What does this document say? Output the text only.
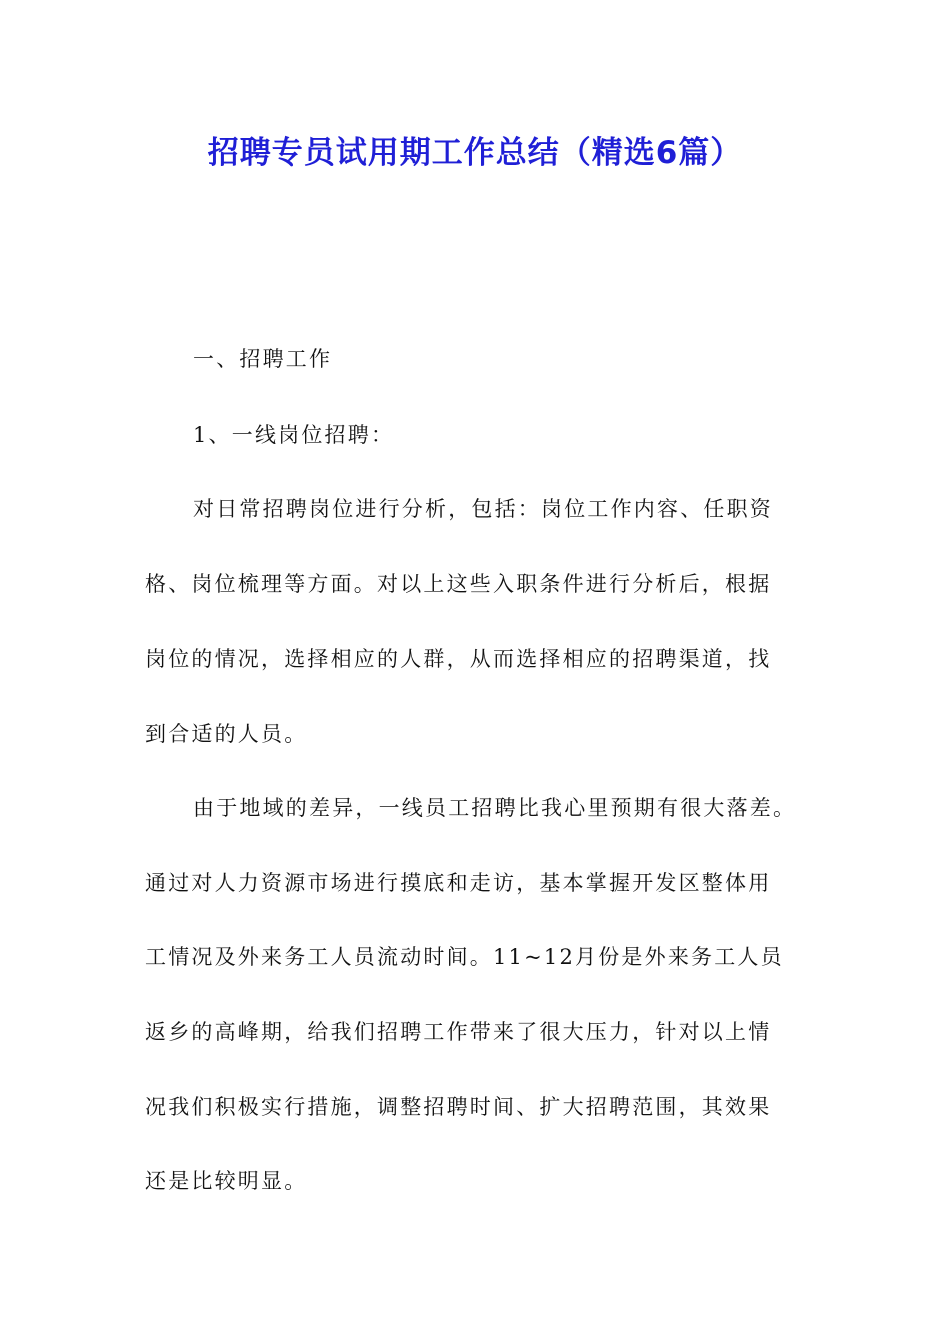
招聘专员试用期工作总结（精选6篇）

一、招聘工作

1、一线岗位招聘：

对日常招聘岗位进行分析，包括：岗位工作内容、任职资

格、岗位梳理等方面。对以上这些入职条件进行分析后，根据

岗位的情况，选择相应的人群，从而选择相应的招聘渠道，找

到合适的人员。

由于地域的差异，一线员工招聘比我心里预期有很大落差。

通过对人力资源市场进行摸底和走访，基本掌握开发区整体用

工情况及外来务工人员流动时间。11~12月份是外来务工人员

返乡的高峰期，给我们招聘工作带来了很大压力，针对以上情

况我们积极实行措施，调整招聘时间、扩大招聘范围，其效果

还是比较明显。
